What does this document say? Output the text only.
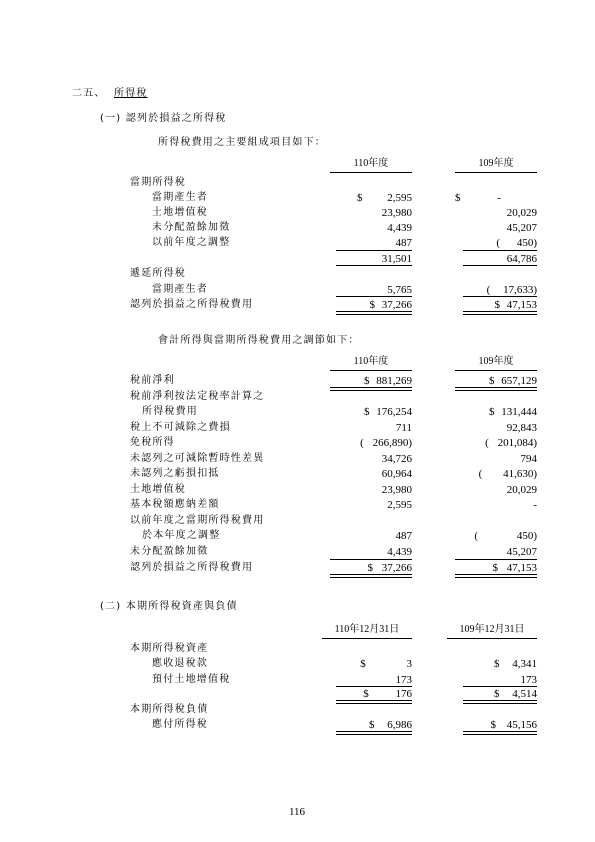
二五、 所得稅
(一) 認列於損益之所得稅
所得稅費用之主要組成項目如下：
110年度	109年度
當期所得稅
當期產生者	$ 2,595	$ -
土地增值稅	23,980	20,029
未分配盈餘加徵	4,439	45,207
以前年度之調整	487	( 450)
31,501	64,786
遞延所得稅
當期產生者	5,765	( 17,633)
認列於損益之所得稅費用	$ 37,266	$ 47,153
會計所得與當期所得稅費用之調節如下：
110年度	109年度
稅前淨利	$ 881,269	$ 657,129
稅前淨利按法定稅率計算之
所得稅費用	$ 176,254	$ 131,444
稅上不可減除之費損	711	92,843
免稅所得	( 266,890)	( 201,084)
未認列之可減除暫時性差異	34,726	794
未認列之虧損扣抵	60,964	( 41,630)
土地增值稅	23,980	20,029
基本稅額應納差額	2,595	-
以前年度之當期所得稅費用
於本年度之調整	487	( 450)
未分配盈餘加徵	4,439	45,207
認列於損益之所得稅費用	$ 37,266	$ 47,153
(二) 本期所得稅資產與負債
110年12月31日	109年12月31日
本期所得稅資產
應收退稅款	$ 3	$ 4,341
預付土地增值稅	173	173
$ 176	$ 4,514
本期所得稅負債
應付所得稅	$ 6,986	$ 45,156
116
